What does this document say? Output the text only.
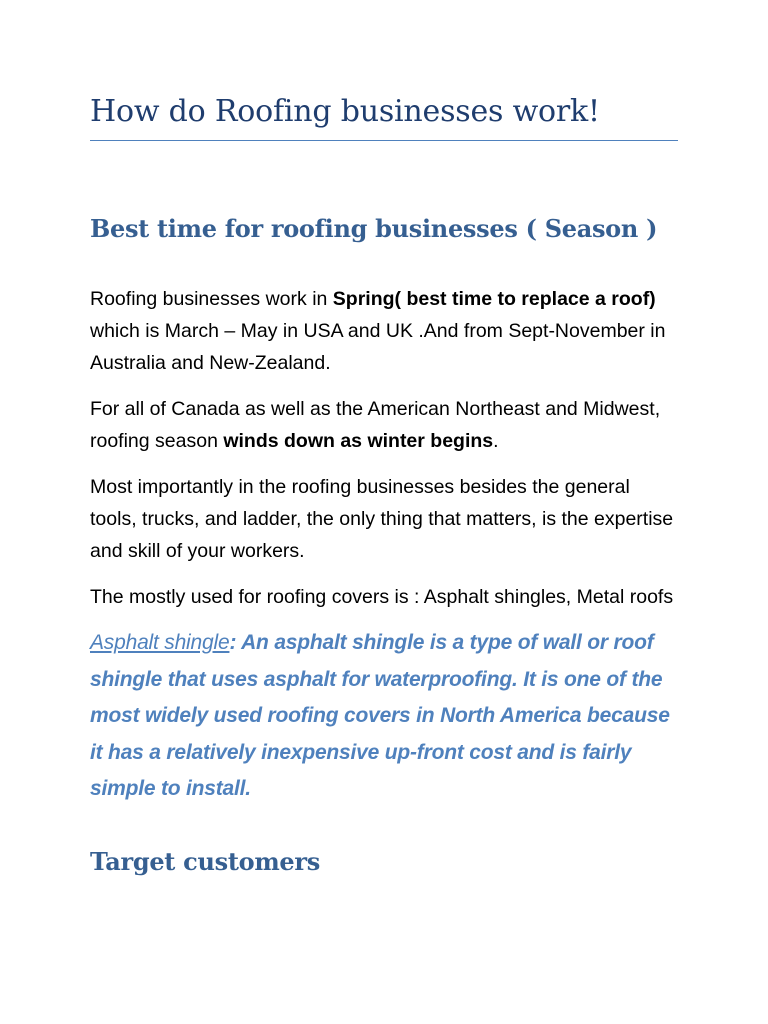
How do Roofing businesses work!
Best time for roofing businesses ( Season )

Roofing businesses work in Spring( best time to replace a roof) which is March – May in USA and UK .And from Sept-November in Australia and New-Zealand.

For all of Canada as well as the American Northeast and Midwest, roofing season winds down as winter begins.

Most importantly in the roofing businesses besides the general tools, trucks, and ladder, the only thing that matters, is the expertise and skill of your workers.

The mostly used for roofing covers is : Asphalt shingles, Metal roofs

Asphalt shingle: An asphalt shingle is a type of wall or roof shingle that uses asphalt for waterproofing. It is one of the most widely used roofing covers in North America because it has a relatively inexpensive up-front cost and is fairly simple to install.

Target customers
